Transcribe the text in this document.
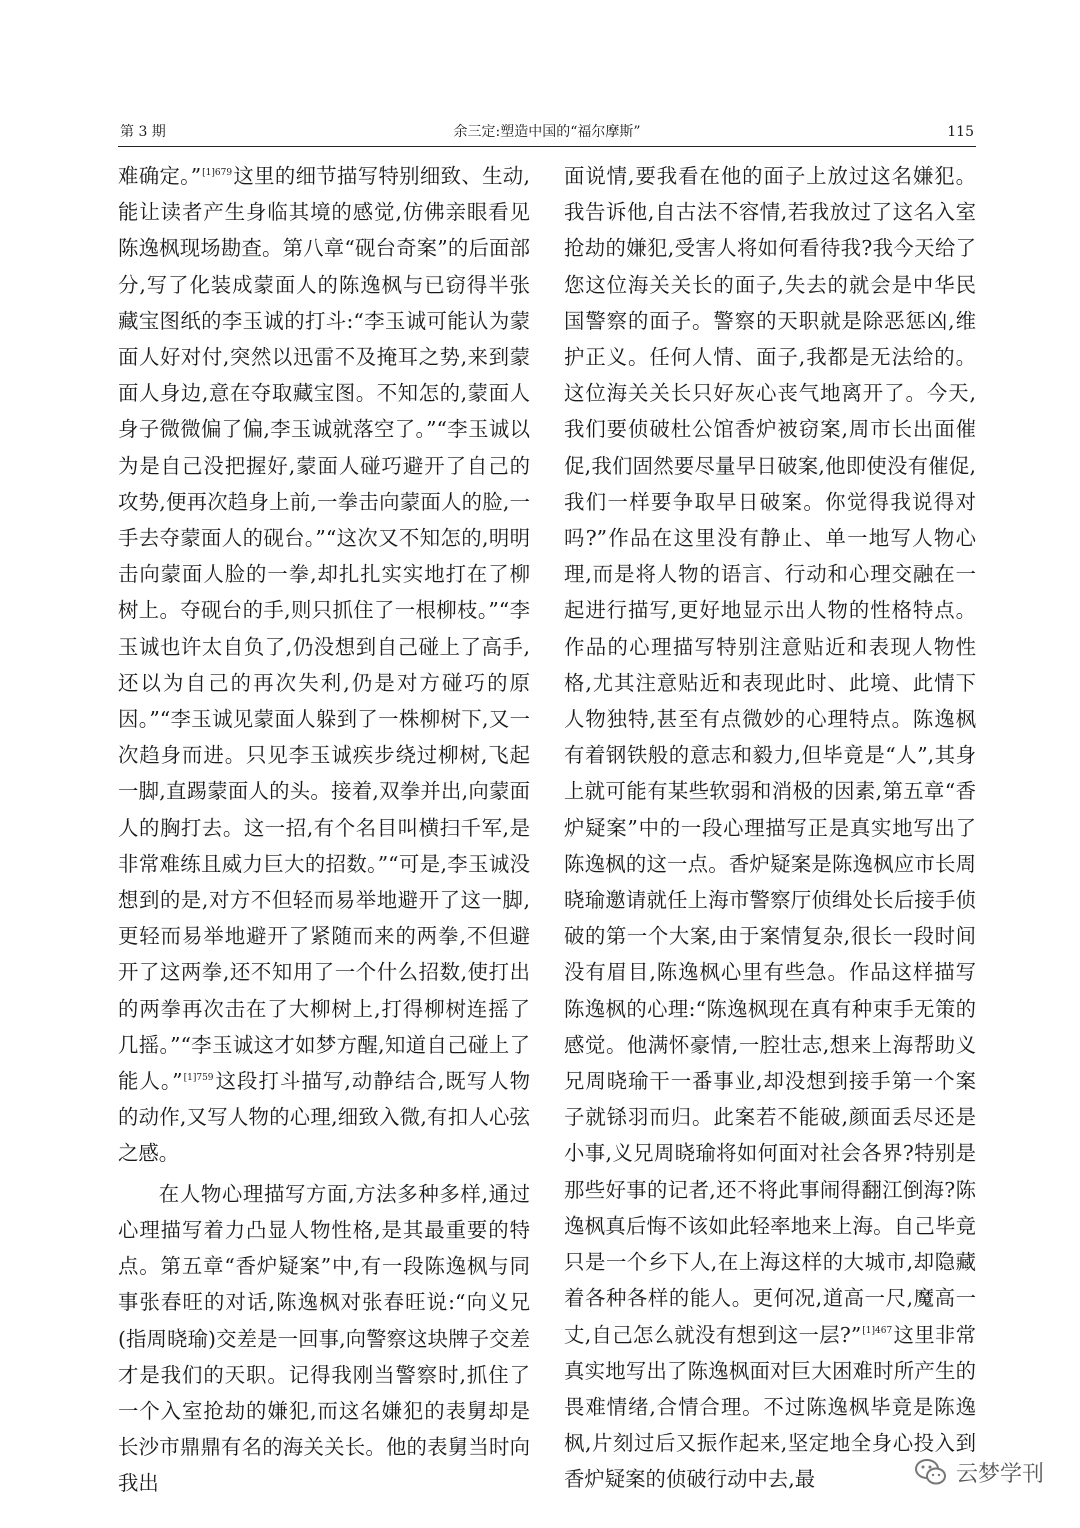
第 3 期	余三定:塑造中国的“福尔摩斯”	115

难确定。”$^{[1]679}$这里的细节描写特别细致、生动,能让读者产生身临其境的感觉,仿佛亲眼看见陈逸枫现场勘查。第八章“砚台奇案”的后面部分,写了化装成蒙面人的陈逸枫与已窃得半张藏宝图纸的李玉诚的打斗:“李玉诚可能认为蒙面人好对付,突然以迅雷不及掩耳之势,来到蒙面人身边,意在夺取藏宝图。不知怎的,蒙面人身子微微偏了偏,李玉诚就落空了。”“李玉诚以为是自己没把握好,蒙面人碰巧避开了自己的攻势,便再次趋身上前,一拳击向蒙面人的脸,一手去夺蒙面人的砚台。”“这次又不知怎的,明明击向蒙面人脸的一拳,却扎扎实实地打在了柳树上。夺砚台的手,则只抓住了一根柳枝。”“李玉诚也许太自负了,仍没想到自己碰上了高手,还以为自己的再次失利,仍是对方碰巧的原因。”“李玉诚见蒙面人躲到了一株柳树下,又一次趋身而进。只见李玉诚疾步绕过柳树,飞起一脚,直踢蒙面人的头。接着,双拳并出,向蒙面人的胸打去。这一招,有个名目叫横扫千军,是非常难练且威力巨大的招数。”“可是,李玉诚没想到的是,对方不但轻而易举地避开了这一脚,更轻而易举地避开了紧随而来的两拳,不但避开了这两拳,还不知用了一个什么招数,使打出的两拳再次击在了大柳树上,打得柳树连摇了几摇。”“李玉诚这才如梦方醒,知道自己碰上了能人。”$^{[1]759}$这段打斗描写,动静结合,既写人物的动作,又写人物的心理,细致入微,有扣人心弦之感。

在人物心理描写方面,方法多种多样,通过心理描写着力凸显人物性格,是其最重要的特点。第五章“香炉疑案”中,有一段陈逸枫与同事张春旺的对话,陈逸枫对张春旺说:“向义兄(指周晓瑜)交差是一回事,向警察这块牌子交差才是我们的天职。记得我刚当警察时,抓住了一个入室抢劫的嫌犯,而这名嫌犯的表舅却是长沙市鼎鼎有名的海关关长。他的表舅当时向我出

面说情,要我看在他的面子上放过这名嫌犯。我告诉他,自古法不容情,若我放过了这名入室抢劫的嫌犯,受害人将如何看待我?我今天给了您这位海关关长的面子,失去的就会是中华民国警察的面子。警察的天职就是除恶惩凶,维护正义。任何人情、面子,我都是无法给的。这位海关关长只好灰心丧气地离开了。今天,我们要侦破杜公馆香炉被窃案,周市长出面催促,我们固然要尽量早日破案,他即使没有催促,我们一样要争取早日破案。你觉得我说得对吗?”作品在这里没有静止、单一地写人物心理,而是将人物的语言、行动和心理交融在一起进行描写,更好地显示出人物的性格特点。作品的心理描写特别注意贴近和表现人物性格,尤其注意贴近和表现此时、此境、此情下人物独特,甚至有点微妙的心理特点。陈逸枫有着钢铁般的意志和毅力,但毕竟是“人”,其身上就可能有某些软弱和消极的因素,第五章“香炉疑案”中的一段心理描写正是真实地写出了陈逸枫的这一点。香炉疑案是陈逸枫应市长周晓瑜邀请就任上海市警察厅侦缉处长后接手侦破的第一个大案,由于案情复杂,很长一段时间没有眉目,陈逸枫心里有些急。作品这样描写陈逸枫的心理:“陈逸枫现在真有种束手无策的感觉。他满怀豪情,一腔壮志,想来上海帮助义兄周晓瑜干一番事业,却没想到接手第一个案子就铩羽而归。此案若不能破,颜面丢尽还是小事,义兄周晓瑜将如何面对社会各界?特别是那些好事的记者,还不将此事闹得翻江倒海?陈逸枫真后悔不该如此轻率地来上海。自己毕竟只是一个乡下人,在上海这样的大城市,却隐藏着各种各样的能人。更何况,道高一尺,魔高一丈,自己怎么就没有想到这一层?”$^{[1]467}$这里非常真实地写出了陈逸枫面对巨大困难时所产生的畏难情绪,合情合理。不过陈逸枫毕竟是陈逸枫,片刻过后又振作起来,坚定地全身心投入到香炉疑案的侦破行动中去,最	云梦学刊
